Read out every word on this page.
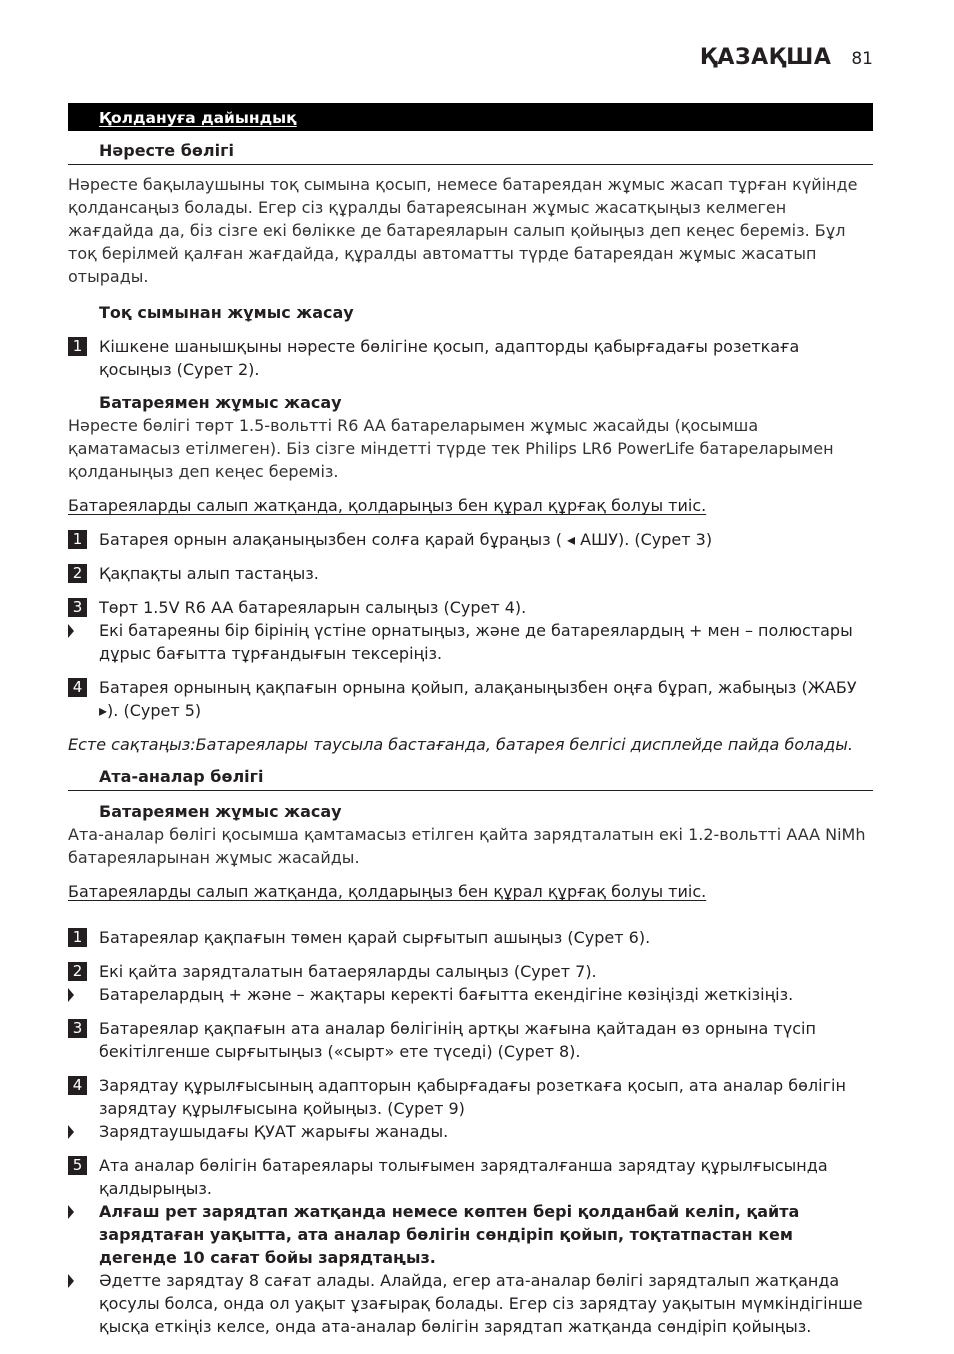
ҚАЗАҚША 81
Қолдануға дайындық
Нәресте бөлігі

Нәресте бақылаушыны тоқ сымына қосып, немесе батареядан жұмыс жасап тұрған күйінде қолдансаңыз болады. Егер сіз құралды батареясынан жұмыс жасатқыңыз келмеген жағдайда да, біз сізге екі бөлікке де батареяларын салып қойыңыз деп кеңес береміз. Бұл тоқ берілмей қалған жағдайда, құралды автоматты түрде батареядан жұмыс жасатып отырады.

Тоқ сымынан жұмыс жасау
1 Кішкене шанышқыны нәресте бөлігіне қосып, адапторды қабырғадағы розеткаға қосыңыз (Сурет 2).
Батареямен жұмыс жасау

Нәресте бөлігі төрт 1.5-вольтті R6 AA батареларымен жұмыс жасайды (қосымша қаматамасыз етілмеген). Біз сізге міндетті түрде тек Philips LR6 PowerLife батареларымен қолданыңыз деп кеңес береміз.

Батареяларды салып жатқанда, қолдарыңыз бен құрал құрғақ болуы тиіс.

1 Батарея орнын алақаныңызбен солға қарай бұраңыз ( ◂ АШУ). (Сурет 3)
2 Қақпақты алып тастаңыз.
3 Төрт 1.5V R6 AA батареяларын салыңыз (Сурет 4).
Екі батареяны бір бірінің үстіне орнатыңыз, және де батареялардың + мен – полюстары дұрыс бағытта тұрғандығын тексеріңіз.
4 Батарея орнының қақпағын орнына қойып, алақаныңызбен оңға бұрап, жабыңыз (ЖАБУ ▸). (Сурет 5)

Есте сақтаңыз:Батареялары таусыла бастағанда, батарея белгісі дисплейде пайда болады.

Ата-аналар бөлігі
Батареямен жұмыс жасау

Ата-аналар бөлігі қосымша қамтамасыз етілген қайта зарядталатын екі 1.2-вольтті AAA NiMh батареяларынан жұмыс жасайды.

Батареяларды салып жатқанда, қолдарыңыз бен құрал құрғақ болуы тиіс.

1 Батареялар қақпағын төмен қарай сырғытып ашыңыз (Сурет 6).
2 Екі қайта зарядталатын батаеряларды салыңыз (Сурет 7).
Батарелардың + және – жақтары керекті бағытта екендігіне көзіңізді жеткізіңіз.
3 Батареялар қақпағын ата аналар бөлігінің артқы жағына қайтадан өз орнына түсіп бекітілгенше сырғытыңыз («сырт» ете түседі) (Сурет 8).
4 Зарядтау құрылғысының адапторын қабырғадағы розеткаға қосып, ата аналар бөлігін зарядтау құрылғысына қойыңыз. (Сурет 9)
Зарядтаушыдағы ҚУАТ жарығы жанады.
5 Ата аналар бөлігін батареялары толығымен зарядталғанша зарядтау құрылғысында қалдырыңыз.
Алғаш рет зарядтап жатқанда немесе көптен бері қолданбай келіп, қайта зарядтаған уақытта, ата аналар бөлігін сөндіріп қойып, тоқтатпастан кем дегенде 10 сағат бойы зарядтаңыз.
Әдетте зарядтау 8 сағат алады. Алайда, егер ата-аналар бөлігі зарядталып жатқанда қосулы болса, онда ол уақыт ұзағырақ болады. Егер сіз зарядтау уақытын мүмкіндігінше қысқа еткіңіз келсе, онда ата-аналар бөлігін зарядтап жатқанда сөндіріп қойыңыз.
